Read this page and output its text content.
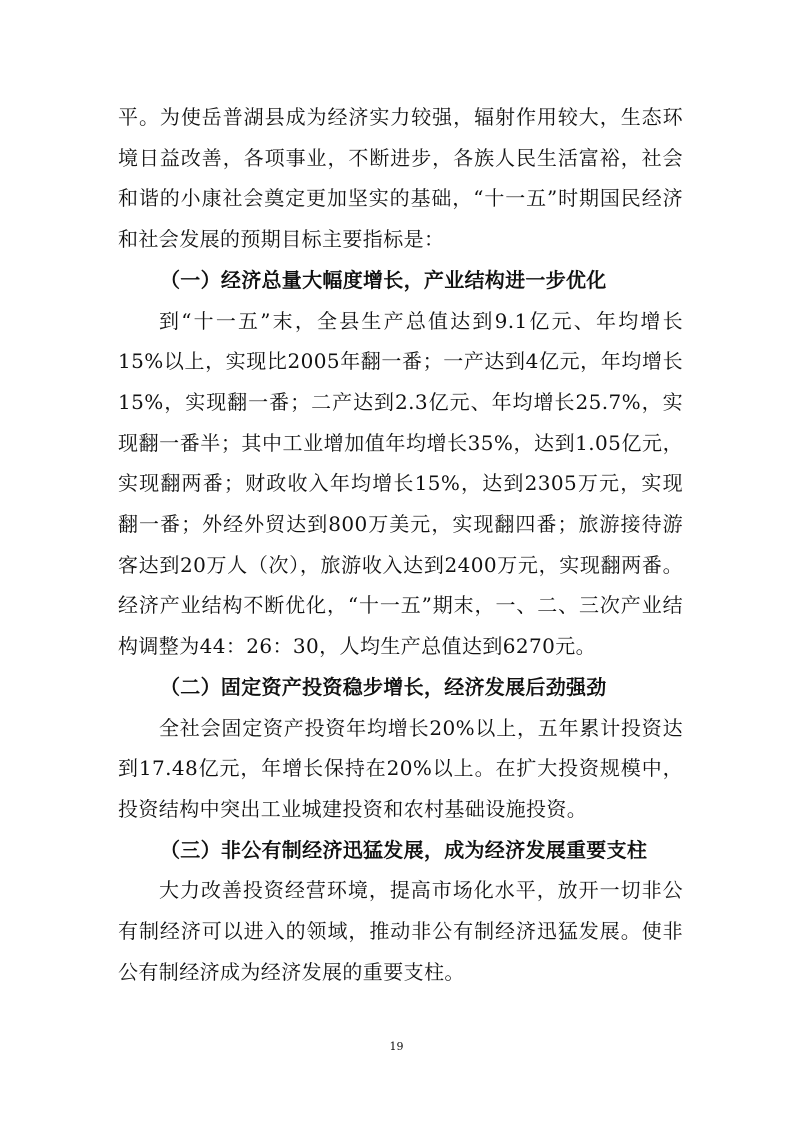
平。为使岳普湖县成为经济实力较强，辐射作用较大，生态环境日益改善，各项事业，不断进步，各族人民生活富裕，社会和谐的小康社会奠定更加坚实的基础，“十一五”时期国民经济和社会发展的预期目标主要指标是：

（一）经济总量大幅度增长，产业结构进一步优化

到“十一五”末，全县生产总值达到9.1亿元、年均增长15%以上，实现比2005年翻一番；一产达到4亿元，年均增长15%，实现翻一番；二产达到2.3亿元、年均增长25.7%，实现翻一番半；其中工业增加值年均增长35%，达到1.05亿元，实现翻两番；财政收入年均增长15%，达到2305万元，实现翻一番；外经外贸达到800万美元，实现翻四番；旅游接待游客达到20万人（次），旅游收入达到2400万元，实现翻两番。经济产业结构不断优化，“十一五”期末，一、二、三次产业结构调整为44：26：30，人均生产总值达到6270元。

（二）固定资产投资稳步增长，经济发展后劲强劲

全社会固定资产投资年均增长20%以上，五年累计投资达到17.48亿元，年增长保持在20%以上。在扩大投资规模中，投资结构中突出工业城建投资和农村基础设施投资。

（三）非公有制经济迅猛发展，成为经济发展重要支柱

大力改善投资经营环境，提高市场化水平，放开一切非公有制经济可以进入的领域，推动非公有制经济迅猛发展。使非公有制经济成为经济发展的重要支柱。

19
